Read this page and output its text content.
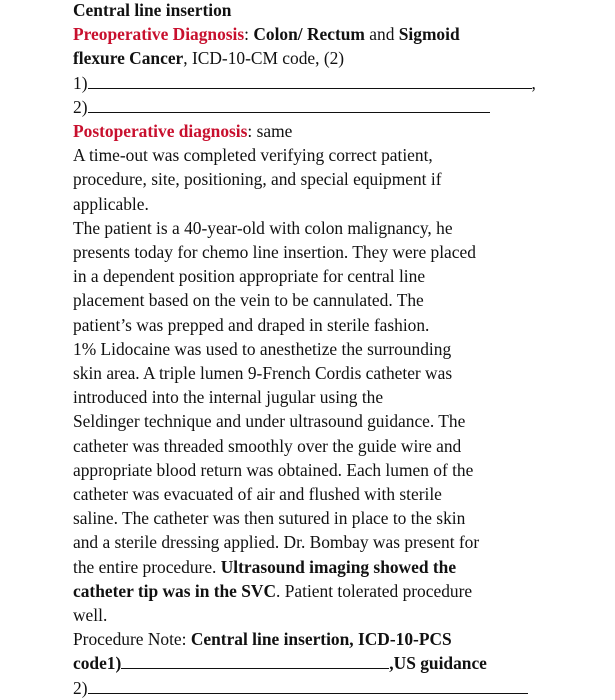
Central line insertion
Preoperative Diagnosis: Colon/ Rectum and Sigmoid
flexure Cancer, ICD-10-CM code, (2)
1)	,
2)
Postoperative diagnosis: same
A time-out was completed verifying correct patient,
procedure, site, positioning, and special equipment if
applicable.
The patient is a 40-year-old with colon malignancy, he
presents today for chemo line insertion. They were placed
in a dependent position appropriate for central line
placement based on the vein to be cannulated. The
patient’s was prepped and draped in sterile fashion.
1% Lidocaine was used to anesthetize the surrounding
skin area. A triple lumen 9-French Cordis catheter was
introduced into the internal jugular using the
Seldinger technique and under ultrasound guidance. The
catheter was threaded smoothly over the guide wire and
appropriate blood return was obtained. Each lumen of the
catheter was evacuated of air and flushed with sterile
saline. The catheter was then sutured in place to the skin
and a sterile dressing applied. Dr. Bombay was present for
the entire procedure. Ultrasound imaging showed the
catheter tip was in the SVC. Patient tolerated procedure
well.
Procedure Note: Central line insertion, ICD-10-PCS
code1)	,US guidance
2)
